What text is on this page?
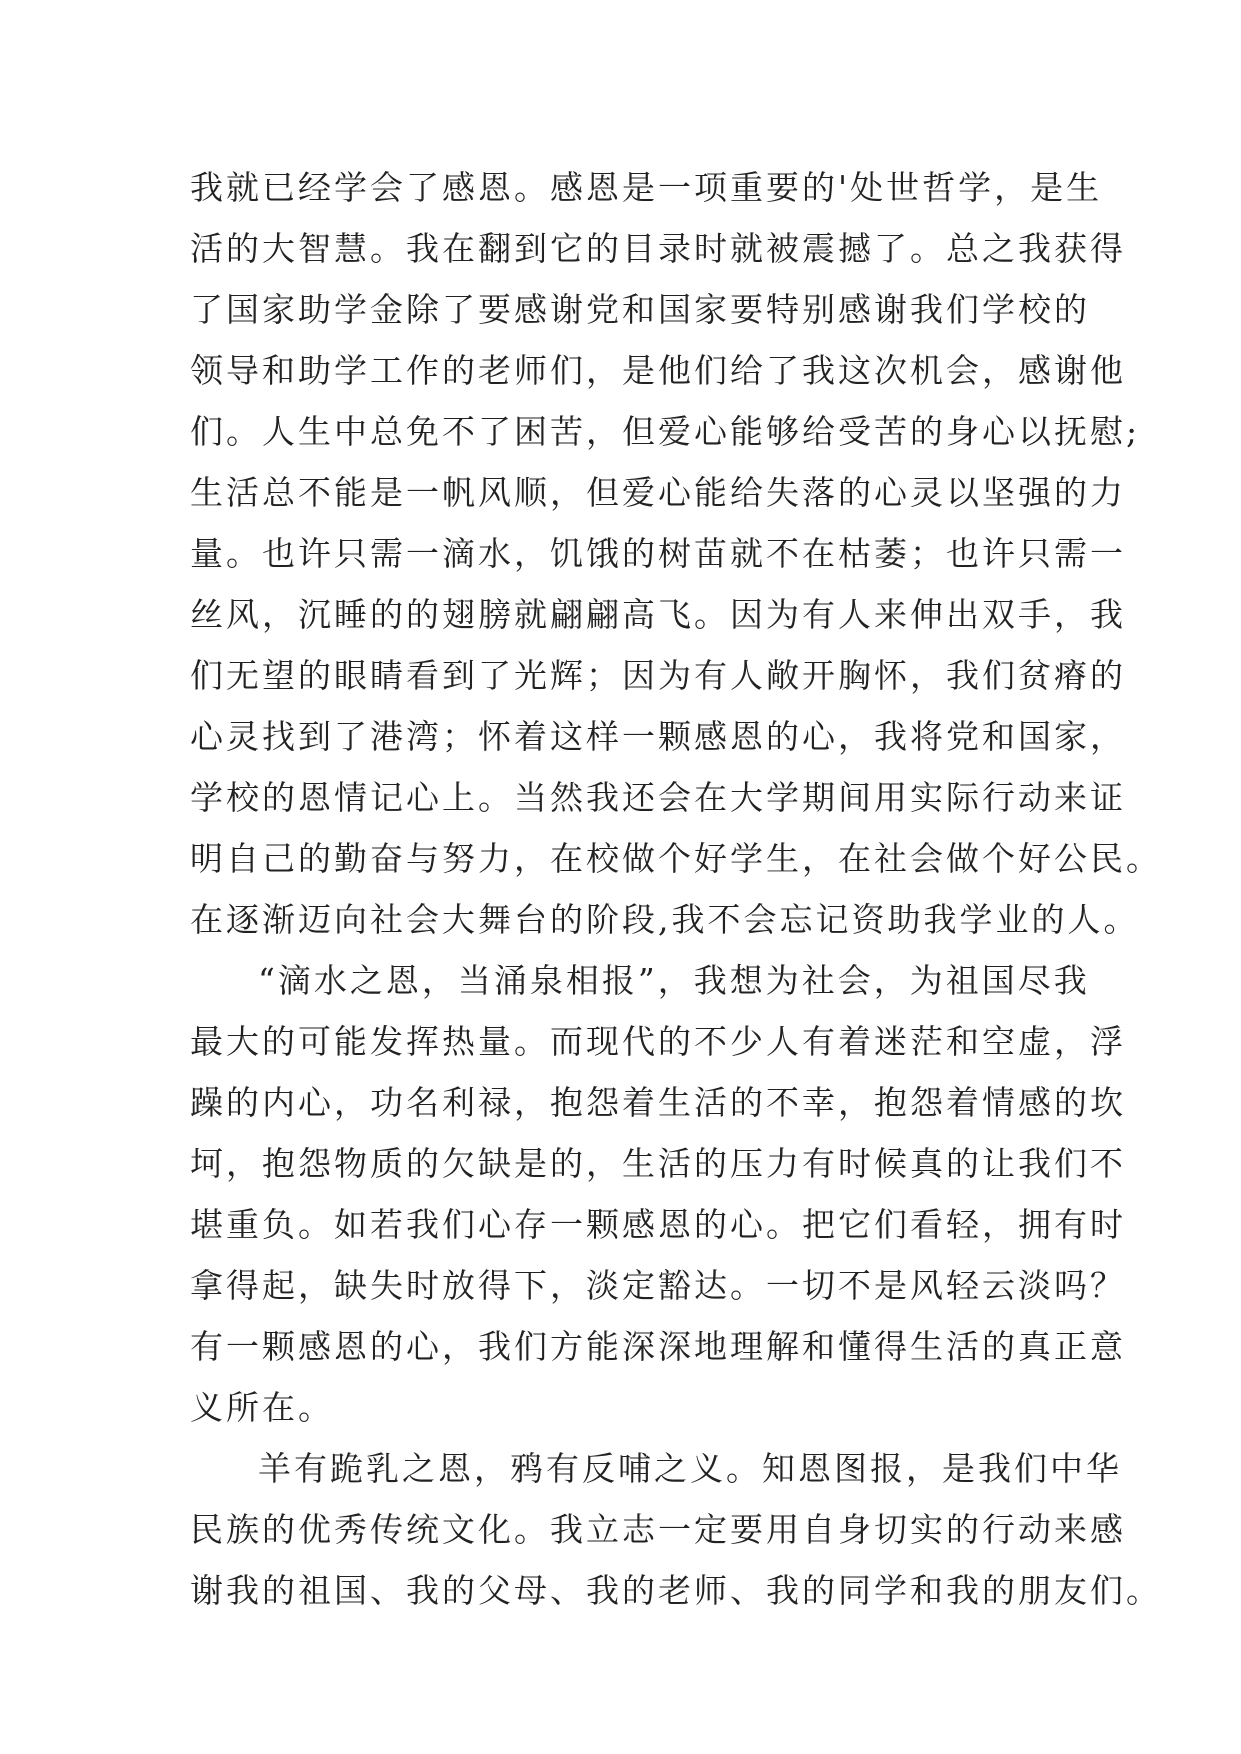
我就已经学会了感恩。感恩是一项重要的'处世哲学，是生
活的大智慧。我在翻到它的目录时就被震撼了。总之我获得
了国家助学金除了要感谢党和国家要特别感谢我们学校的
领导和助学工作的老师们，是他们给了我这次机会，感谢他
们。人生中总免不了困苦，但爱心能够给受苦的身心以抚慰;
生活总不能是一帆风顺，但爱心能给失落的心灵以坚强的力
量。也许只需一滴水，饥饿的树苗就不在枯萎；也许只需一
丝风，沉睡的的翅膀就翩翩高飞。因为有人来伸出双手，我
们无望的眼睛看到了光辉；因为有人敞开胸怀，我们贫瘠的
心灵找到了港湾；怀着这样一颗感恩的心，我将党和国家，
学校的恩情记心上。当然我还会在大学期间用实际行动来证
明自己的勤奋与努力，在校做个好学生，在社会做个好公民。
在逐渐迈向社会大舞台的阶段,我不会忘记资助我学业的人。
“滴水之恩，当涌泉相报”，我想为社会，为祖国尽我
最大的可能发挥热量。而现代的不少人有着迷茫和空虚，浮
躁的内心，功名利禄，抱怨着生活的不幸，抱怨着情感的坎
坷，抱怨物质的欠缺是的，生活的压力有时候真的让我们不
堪重负。如若我们心存一颗感恩的心。把它们看轻，拥有时
拿得起，缺失时放得下，淡定豁达。一切不是风轻云淡吗？
有一颗感恩的心，我们方能深深地理解和懂得生活的真正意
义所在。
羊有跪乳之恩，鸦有反哺之义。知恩图报，是我们中华
民族的优秀传统文化。我立志一定要用自身切实的行动来感
谢我的祖国、我的父母、我的老师、我的同学和我的朋友们。
